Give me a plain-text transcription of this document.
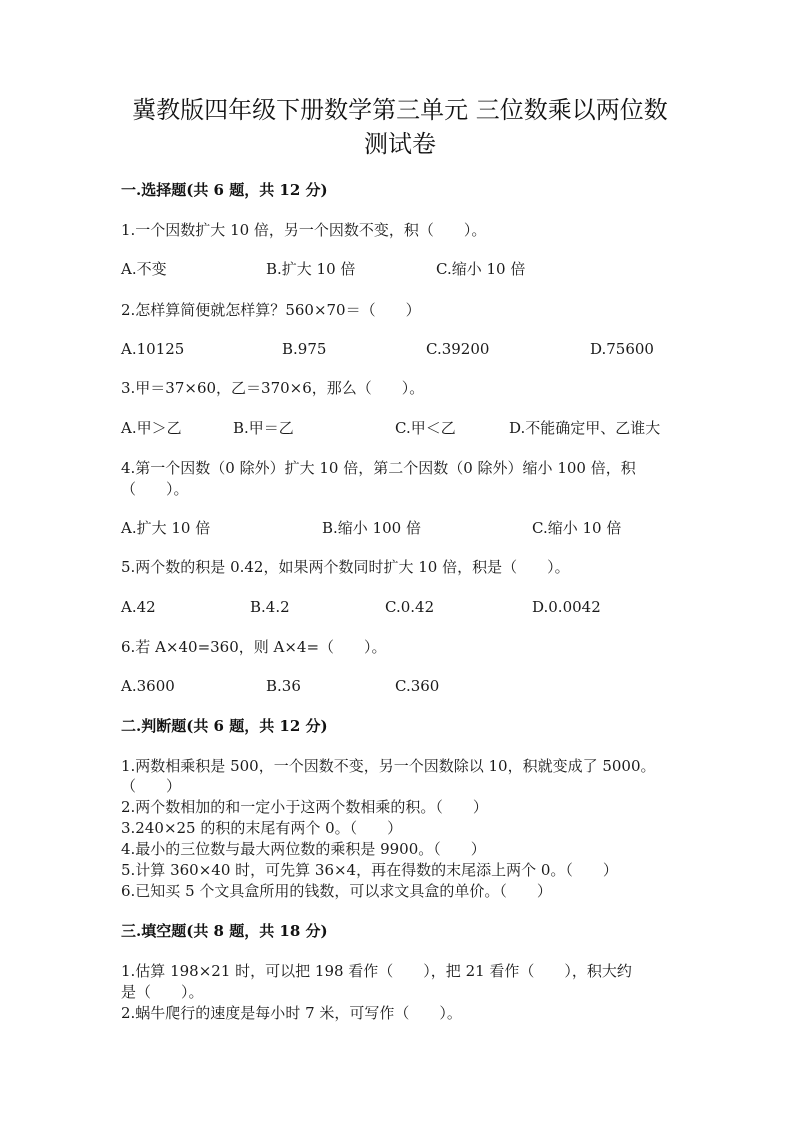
冀教版四年级下册数学第三单元 三位数乘以两位数
测试卷
一.选择题(共 6 题，共 12 分)
1.一个因数扩大 10 倍，另一个因数不变，积（　　）。
A.不变	B.扩大 10 倍	C.缩小 10 倍
2.怎样算简便就怎样算？560×70＝（　　）
A.10125	B.975	C.39200	D.75600
3.甲＝37×60，乙＝370×6，那么（　　）。
A.甲＞乙	B.甲＝乙	C.甲＜乙	D.不能确定甲、乙谁大
4.第一个因数（0 除外）扩大 10 倍，第二个因数（0 除外）缩小 100 倍，积
（　　）。
A.扩大 10 倍	B.缩小 100 倍	C.缩小 10 倍
5.两个数的积是 0.42，如果两个数同时扩大 10 倍，积是（　　）。
A.42	B.4.2	C.0.42	D.0.0042
6.若 A×40=360，则 A×4=（　　）。
A.3600	B.36	C.360
二.判断题(共 6 题，共 12 分)
1.两数相乘积是 500，一个因数不变，另一个因数除以 10，积就变成了 5000。
（　　）
2.两个数相加的和一定小于这两个数相乘的积。（　　）
3.240×25 的积的末尾有两个 0。（　　）
4.最小的三位数与最大两位数的乘积是 9900。（　　）
5.计算 360×40 时，可先算 36×4，再在得数的末尾添上两个 0。（　　）
6.已知买 5 个文具盒所用的钱数，可以求文具盒的单价。（　　）
三.填空题(共 8 题，共 18 分)
1.估算 198×21 时，可以把 198 看作（　　），把 21 看作（　　），积大约
是（　　）。
2.蜗牛爬行的速度是每小时 7 米，可写作（　　）。
